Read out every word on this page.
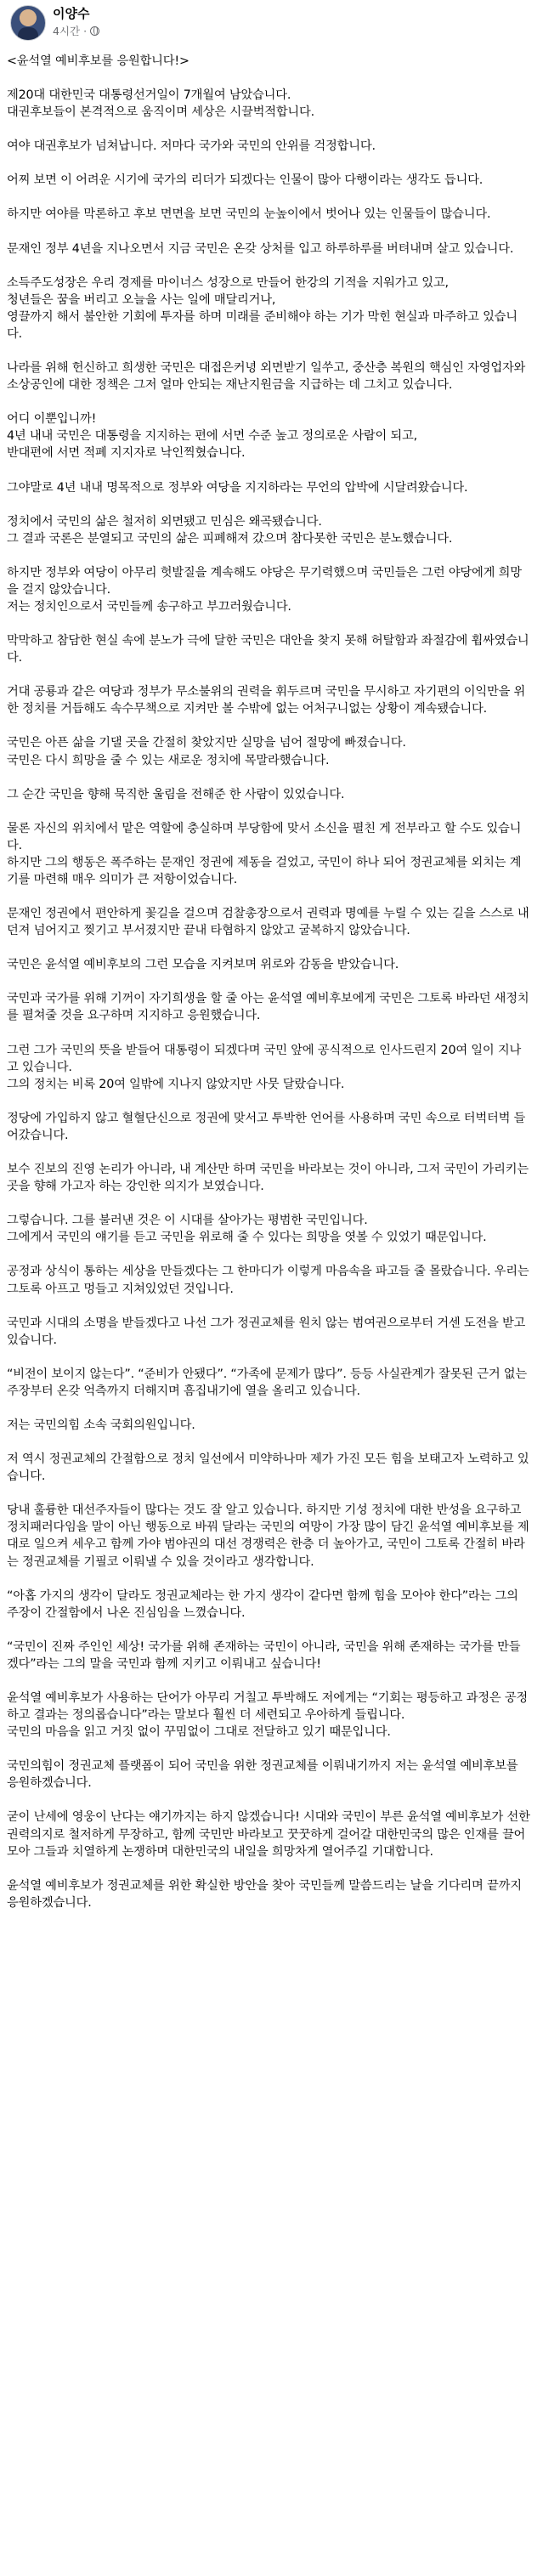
이양수
4시간 ·

<윤석열 예비후보를 응원합니다!>

제20대 대한민국 대통령선거일이 7개월여 남았습니다.
대권후보들이 본격적으로 움직이며 세상은 시끌벅적합니다.

여야 대권후보가 넘쳐납니다. 저마다 국가와 국민의 안위를 걱정합니다.

어찌 보면 이 어려운 시기에 국가의 리더가 되겠다는 인물이 많아 다행이라는 생각도 듭니다.

하지만 여야를 막론하고 후보 면면을 보면 국민의 눈높이에서 벗어나 있는 인물들이 많습니다.

문재인 정부 4년을 지나오면서 지금 국민은 온갖 상처를 입고 하루하루를 버텨내며 살고 있습니다.

소득주도성장은 우리 경제를 마이너스 성장으로 만들어 한강의 기적을 지워가고 있고,
청년들은 꿈을 버리고 오늘을 사는 일에 매달리거나,
영끌까지 해서 불안한 기회에 투자를 하며 미래를 준비해야 하는 기가 막힌 현실과 마주하고 있습니다.

나라를 위해 헌신하고 희생한 국민은 대접은커녕 외면받기 일쑤고, 중산층 복원의 핵심인 자영업자와 소상공인에 대한 정책은 그저 얼마 안되는 재난지원금을 지급하는 데 그치고 있습니다.

어디 이뿐입니까!
4년 내내 국민은 대통령을 지지하는 편에 서면 수준 높고 정의로운 사람이 되고,
반대편에 서면 적폐 지지자로 낙인찍혔습니다.

그야말로 4년 내내 명목적으로 정부와 여당을 지지하라는 무언의 압박에 시달려왔습니다.

정치에서 국민의 삶은 철저히 외면됐고 민심은 왜곡됐습니다.
그 결과 국론은 분열되고 국민의 삶은 피폐해져 갔으며 참다못한 국민은 분노했습니다.

하지만 정부와 여당이 아무리 헛발질을 계속해도 야당은 무기력했으며 국민들은 그런 야당에게 희망을 걸지 않았습니다.
저는 정치인으로서 국민들께 송구하고 부끄러웠습니다.

막막하고 참담한 현실 속에 분노가 극에 달한 국민은 대안을 찾지 못해 허탈함과 좌절감에 휩싸였습니다.

거대 공룡과 같은 여당과 정부가 무소불위의 권력을 휘두르며 국민을 무시하고 자기편의 이익만을 위한 정치를 거듭해도 속수무책으로 지켜만 볼 수밖에 없는 어처구니없는 상황이 계속됐습니다.

국민은 아픈 삶을 기댈 곳을 간절히 찾았지만 실망을 넘어 절망에 빠졌습니다.
국민은 다시 희망을 줄 수 있는 새로운 정치에 목말라했습니다.

그 순간 국민을 향해 묵직한 울림을 전해준 한 사람이 있었습니다.

물론 자신의 위치에서 맡은 역할에 충실하며 부당함에 맞서 소신을 펼친 게 전부라고 할 수도 있습니다.
하지만 그의 행동은 폭주하는 문재인 정권에 제동을 걸었고, 국민이 하나 되어 정권교체를 외치는 계기를 마련해 매우 의미가 큰 저항이었습니다.

문재인 정권에서 편안하게 꽃길을 걸으며 검찰총장으로서 권력과 명예를 누릴 수 있는 길을 스스로 내던져 넘어지고 찢기고 부서졌지만 끝내 타협하지 않았고 굴복하지 않았습니다.

국민은 윤석열 예비후보의 그런 모습을 지켜보며 위로와 감동을 받았습니다.

국민과 국가를 위해 기꺼이 자기희생을 할 줄 아는 윤석열 예비후보에게 국민은 그토록 바라던 새정치를 펼쳐줄 것을 요구하며 지지하고 응원했습니다.

그런 그가 국민의 뜻을 받들어 대통령이 되겠다며 국민 앞에 공식적으로 인사드린지 20여 일이 지나고 있습니다.
그의 정치는 비록 20여 일밖에 지나지 않았지만 사뭇 달랐습니다.

정당에 가입하지 않고 혈혈단신으로 정권에 맞서고 투박한 언어를 사용하며 국민 속으로 터벅터벅 들어갔습니다.

보수 진보의 진영 논리가 아니라, 내 계산만 하며 국민을 바라보는 것이 아니라, 그저 국민이 가리키는 곳을 향해 가고자 하는 강인한 의지가 보였습니다.

그렇습니다. 그를 불러낸 것은 이 시대를 살아가는 평범한 국민입니다.
그에게서 국민의 얘기를 듣고 국민을 위로해 줄 수 있다는 희망을 엿볼 수 있었기 때문입니다.

공정과 상식이 통하는 세상을 만들겠다는 그 한마디가 이렇게 마음속을 파고들 줄 몰랐습니다. 우리는 그토록 아프고 멍들고 지쳐있었던 것입니다.

국민과 시대의 소명을 받들겠다고 나선 그가 정권교체를 원치 않는 범여권으로부터 거센 도전을 받고 있습니다.

“비전이 보이지 않는다”. “준비가 안됐다”. “가족에 문제가 많다”. 등등 사실관계가 잘못된 근거 없는 주장부터 온갖 억측까지 더해지며 흠집내기에 열을 올리고 있습니다.

저는 국민의힘 소속 국회의원입니다.

저 역시 정권교체의 간절함으로 정치 일선에서 미약하나마 제가 가진 모든 힘을 보태고자 노력하고 있습니다.

당내 훌륭한 대선주자들이 많다는 것도 잘 알고 있습니다. 하지만 기성 정치에 대한 반성을 요구하고 정치패러다임을 말이 아닌 행동으로 바꿔 달라는 국민의 여망이 가장 많이 담긴 윤석열 예비후보를 제대로 일으켜 세우고 함께 가야 범야권의 대선 경쟁력은 한층 더 높아가고, 국민이 그토록 간절히 바라는 정권교체를 기필코 이뤄낼 수 있을 것이라고 생각합니다.

“아홉 가지의 생각이 달라도 정권교체라는 한 가지 생각이 같다면 함께 힘을 모아야 한다”라는 그의 주장이 간절함에서 나온 진심임을 느꼈습니다.

“국민이 진짜 주인인 세상! 국가를 위해 존재하는 국민이 아니라, 국민을 위해 존재하는 국가를 만들겠다”라는 그의 말을 국민과 함께 지키고 이뤄내고 싶습니다!

윤석열 예비후보가 사용하는 단어가 아무리 거칠고 투박해도 저에게는 “기회는 평등하고 과정은 공정하고 결과는 정의롭습니다”라는 말보다 훨씬 더 세련되고 우아하게 들립니다.
국민의 마음을 읽고 거짓 없이 꾸밈없이 그대로 전달하고 있기 때문입니다.

국민의힘이 정권교체 플랫폼이 되어 국민을 위한 정권교체를 이뤄내기까지 저는 윤석열 예비후보를 응원하겠습니다.

굳이 난세에 영웅이 난다는 얘기까지는 하지 않겠습니다! 시대와 국민이 부른 윤석열 예비후보가 선한 권력의지로 철저하게 무장하고, 함께 국민만 바라보고 꿋꿋하게 걸어갈 대한민국의 많은 인재를 끌어모아 그들과 치열하게 논쟁하며 대한민국의 내일을 희망차게 열어주길 기대합니다.

윤석열 예비후보가 정권교체를 위한 확실한 방안을 찾아 국민들께 말씀드리는 날을 기다리며 끝까지 응원하겠습니다.
